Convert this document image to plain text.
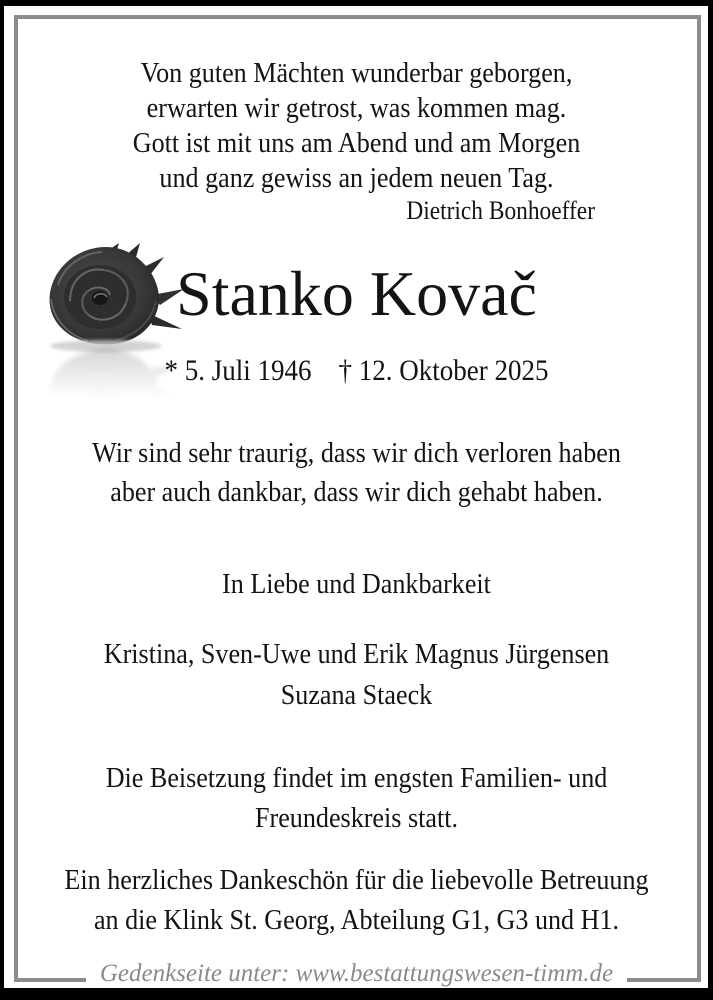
Von guten Mächten wunderbar geborgen,
erwarten wir getrost, was kommen mag.
Gott ist mit uns am Abend und am Morgen
und ganz gewiss an jedem neuen Tag.
Dietrich Bonhoeffer
Stanko Kovač
* 5. Juli 1946 † 12. Oktober 2025
Wir sind sehr traurig, dass wir dich verloren haben
aber auch dankbar, dass wir dich gehabt haben.
In Liebe und Dankbarkeit
Kristina, Sven-Uwe und Erik Magnus Jürgensen
Suzana Staeck
Die Beisetzung findet im engsten Familien- und
Freundeskreis statt.
Ein herzliches Dankeschön für die liebevolle Betreuung
an die Klink St. Georg, Abteilung G1, G3 und H1.
Gedenkseite unter: www.bestattungswesen-timm.de
